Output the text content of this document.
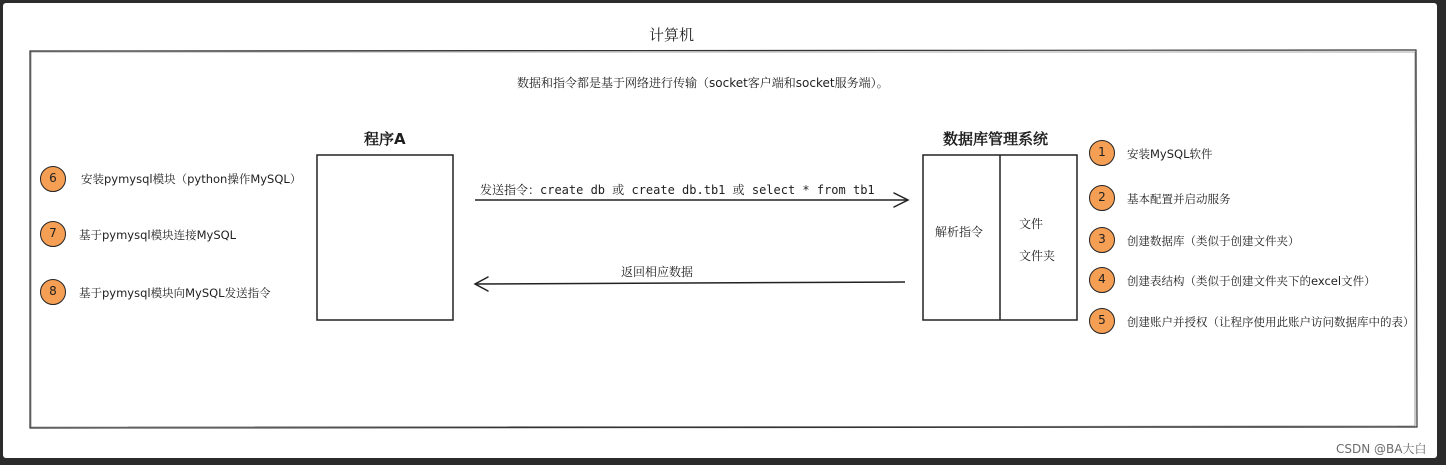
计算机
数据和指令都是基于网络进行传输（socket客户端和socket服务端）。
程序A	数据库管理系统
解析指令
文件
文件夹
发送指令：create db 或 create db.tb1 或 select * from tb1
返回相应数据
6	安装pymysql模块（python操作MySQL）
7	基于pymysql模块连接MySQL
8	基于pymysql模块向MySQL发送指令
1	安装MySQL软件
2	基本配置并启动服务
3	创建数据库（类似于创建文件夹）
4	创建表结构（类似于创建文件夹下的excel文件）
5	创建账户并授权（让程序使用此账户访问数据库中的表）
CSDN @BA大白
